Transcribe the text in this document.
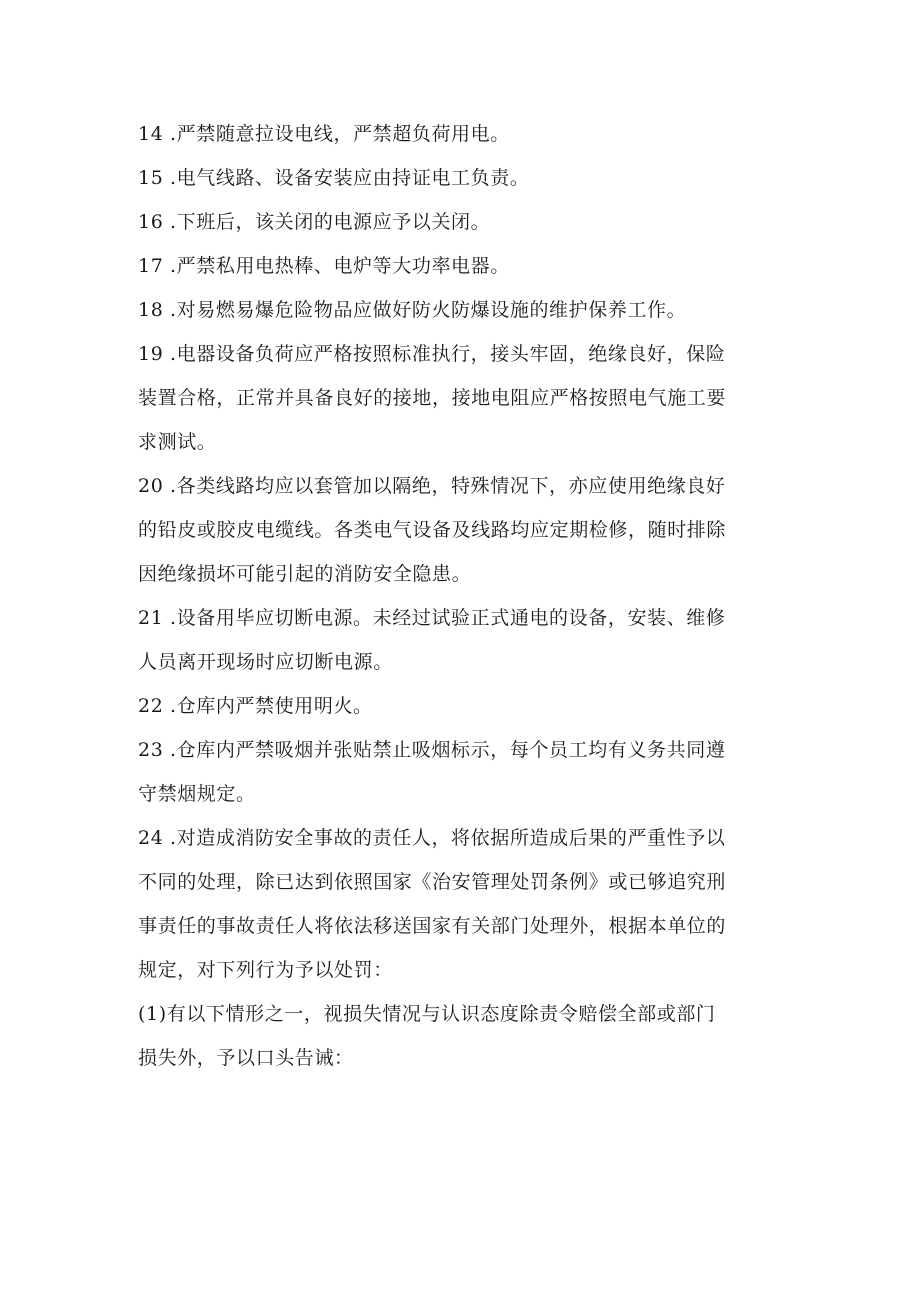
14 .严禁随意拉设电线，严禁超负荷用电。

15 .电气线路、设备安装应由持证电工负责。

16 .下班后，该关闭的电源应予以关闭。

17 .严禁私用电热棒、电炉等大功率电器。

18 .对易燃易爆危险物品应做好防火防爆设施的维护保养工作。

19 .电器设备负荷应严格按照标准执行，接头牢固，绝缘良好，保险
装置合格，正常并具备良好的接地，接地电阻应严格按照电气施工要
求测试。

20 .各类线路均应以套管加以隔绝，特殊情况下，亦应使用绝缘良好
的铅皮或胶皮电缆线。各类电气设备及线路均应定期检修，随时排除
因绝缘损坏可能引起的消防安全隐患。

21 .设备用毕应切断电源。未经过试验正式通电的设备，安装、维修
人员离开现场时应切断电源。

22 .仓库内严禁使用明火。

23 .仓库内严禁吸烟并张贴禁止吸烟标示，每个员工均有义务共同遵
守禁烟规定。

24 .对造成消防安全事故的责任人，将依据所造成后果的严重性予以
不同的处理，除已达到依照国家《治安管理处罚条例》或已够追究刑
事责任的事故责任人将依法移送国家有关部门处理外，根据本单位的
规定，对下列行为予以处罚：

(1)有以下情形之一，视损失情况与认识态度除责令赔偿全部或部门
损失外，予以口头告诫：
